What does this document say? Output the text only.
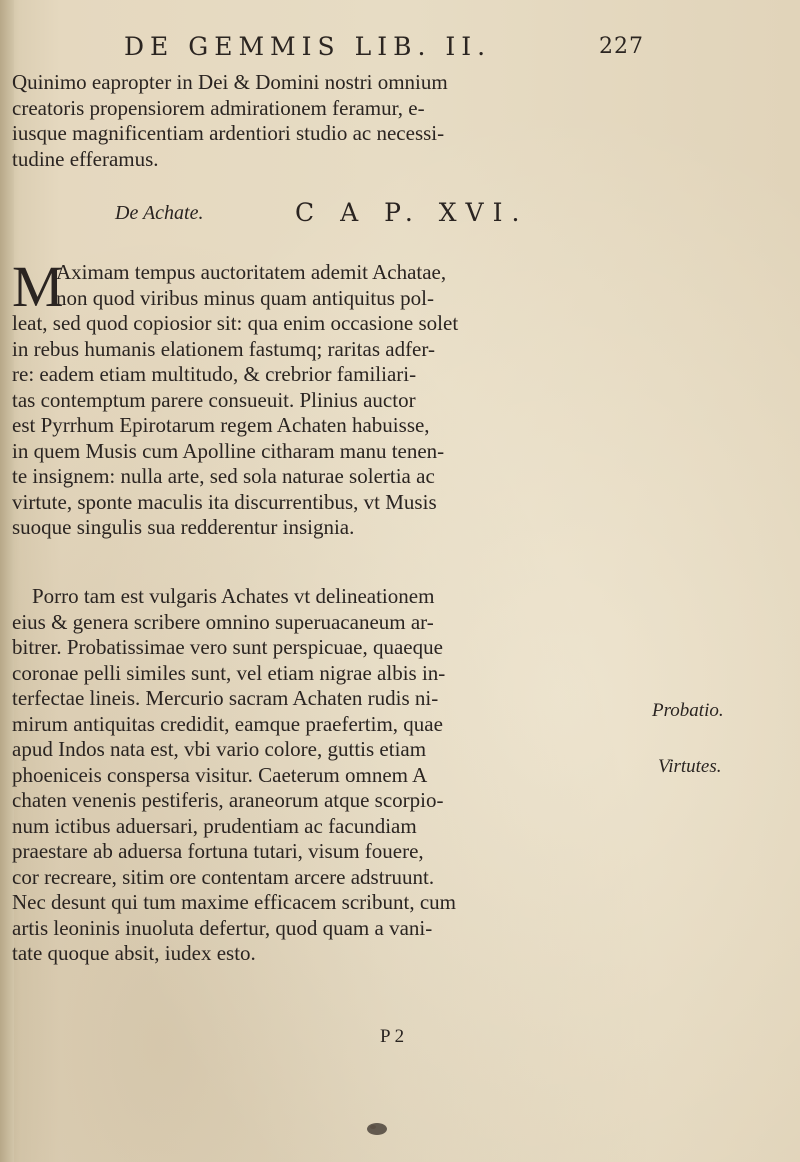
DE GEMMIS LIB. II.	227
Quinimo eapropter in Dei & Domini nostri omnium
creatoris propensiorem admirationem feramur, e-
iusque magnificentiam ardentiori studio ac necessi-
tudine efferamus.
De Achate.	C A P. XVI.
M
Aximam tempus auctoritatem ademit Achatae,
non quod viribus minus quam antiquitus pol-
leat, sed quod copiosior sit: qua enim occasione solet
in rebus humanis elationem fastumq; raritas adfer-
re: eadem etiam multitudo, & crebrior familiari-
tas contemptum parere consueuit. Plinius auctor
est Pyrrhum Epirotarum regem Achaten habuisse,
in quem Musis cum Apolline citharam manu tenen-
te insignem: nulla arte, sed sola naturae solertia ac
virtute, sponte maculis ita discurrentibus, vt Musis
suoque singulis sua redderentur insignia.
Porro tam est vulgaris Achates vt delineationem
eius & genera scribere omnino superuacaneum ar-
bitrer. Probatissimae vero sunt perspicuae, quaeque
coronae pelli similes sunt, vel etiam nigrae albis in-
terfectae lineis. Mercurio sacram Achaten rudis ni-
mirum antiquitas credidit, eamque praefertim, quae
apud Indos nata est, vbi vario colore, guttis etiam
phoeniceis conspersa visitur. Caeterum omnem A
chaten venenis pestiferis, araneorum atque scorpio-
num ictibus aduersari, prudentiam ac facundiam
praestare ab aduersa fortuna tutari, visum fouere,
cor recreare, sitim ore contentam arcere adstruunt.
Nec desunt qui tum maxime efficacem scribunt, cum
artis leoninis inuoluta defertur, quod quam a vani-
tate quoque absit, iudex esto.
Probatio.
Virtutes.
P 2
